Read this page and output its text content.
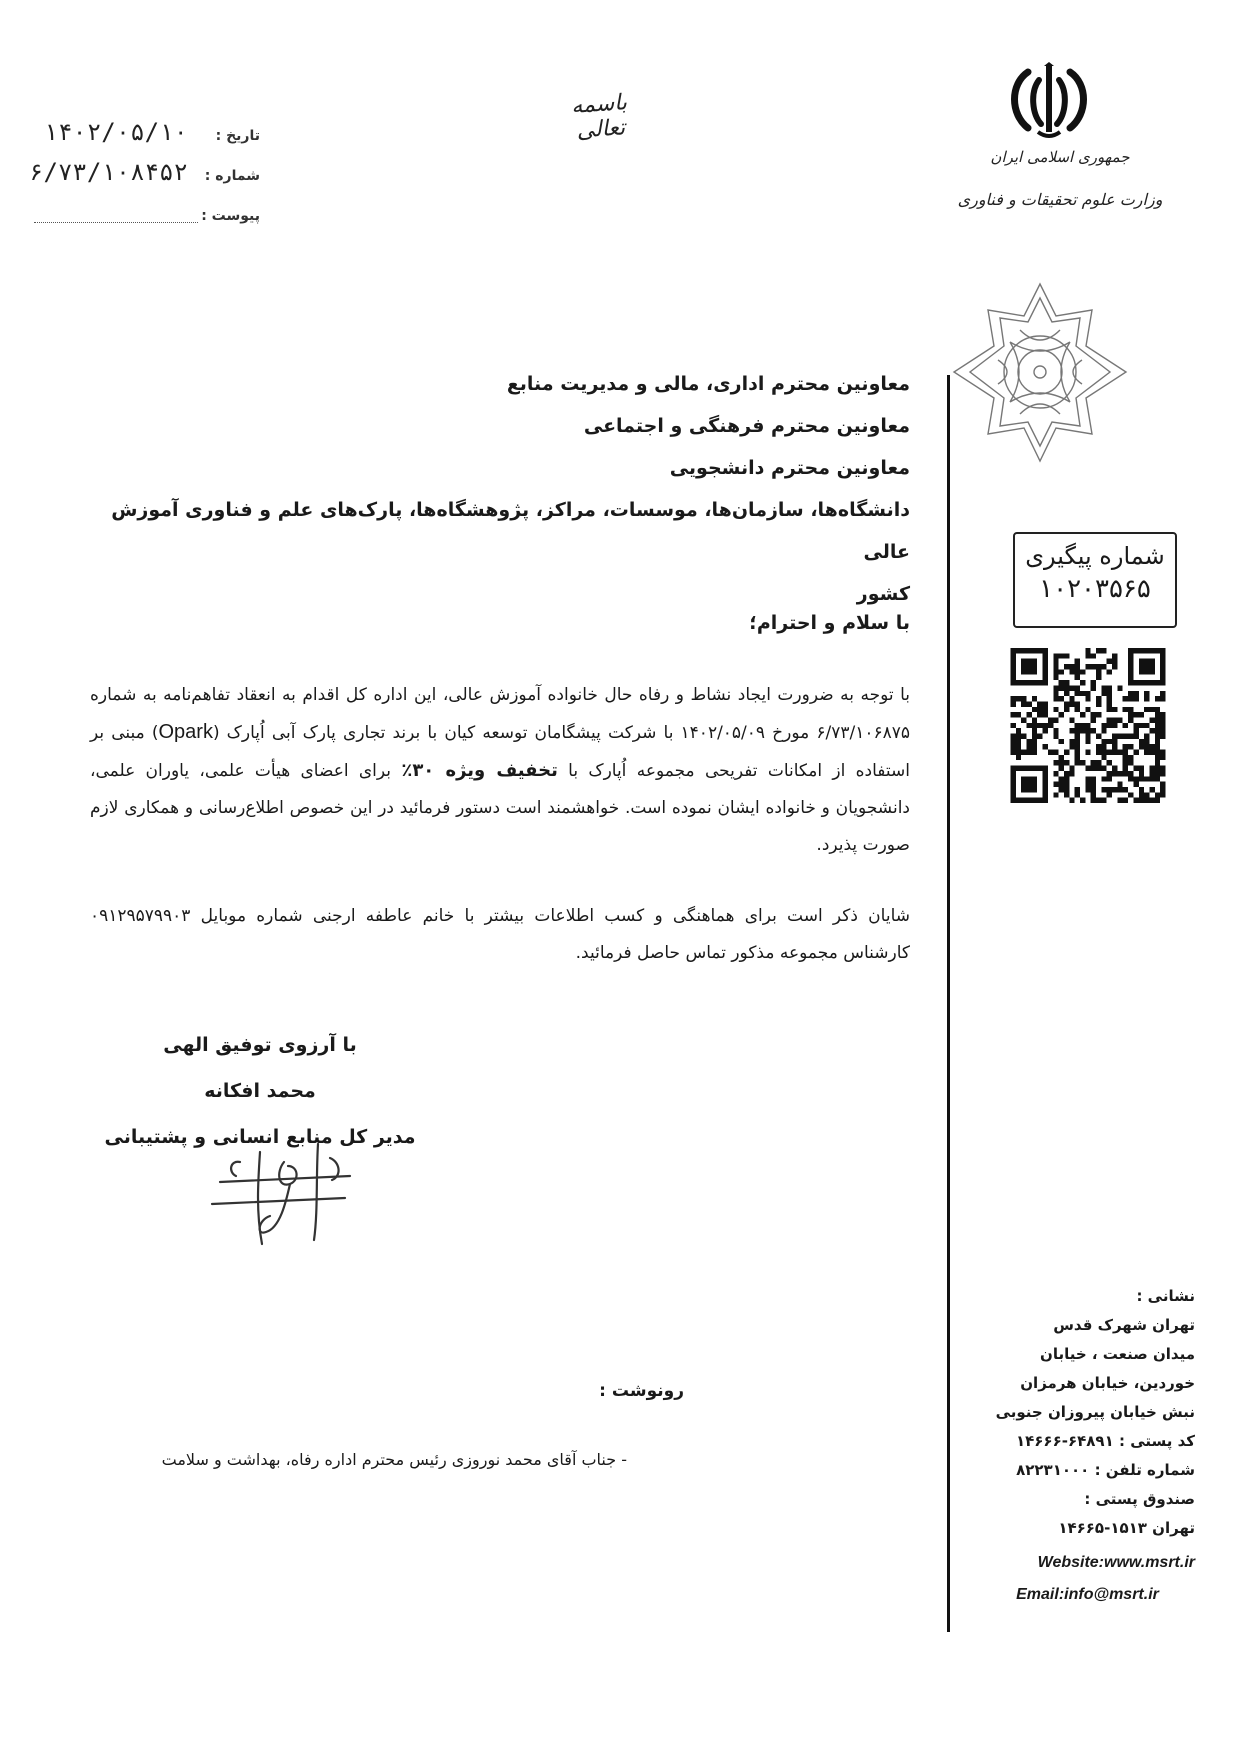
تاریخ :
۱۴۰۲/۰۵/۱۰
شماره :
۶/۷۳/۱۰۸۴۵۲
پیوست :
باسمه تعالی
جمهوری اسلامی ایران
وزارت علوم تحقیقات و فناوری
شماره پیگیری
۱۰۲۰۳۵۶۵
معاونین محترم اداری، مالی و مدیریت منابع
معاونین محترم فرهنگی و اجتماعی
معاونین محترم دانشجویی
دانشگاه‌ها، سازمان‌ها، موسسات، مراکز، پژوهشگاه‌ها، پارک‌های علم و فناوری آموزش عالی
کشور
با سلام و احترام؛
با توجه به ضرورت ایجاد نشاط و رفاه حال خانواده آموزش عالی، این اداره کل اقدام به انعقاد تفاهم‌نامه به شماره ۶/۷۳/۱۰۶۸۷۵ مورخ ۱۴۰۲/۰۵/۰۹ با شرکت پیشگامان توسعه کیان با برند تجاری پارک آبی اُپارک (Opark) مبنی بر استفاده از امکانات تفریحی مجموعه اُپارک با تخفیف ویژه ۳۰٪ برای اعضای هیأت علمی، یاوران علمی، دانشجویان و خانواده ایشان نموده است. خواهشمند است دستور فرمائید در این خصوص اطلاع‌رسانی و همکاری لازم صورت پذیرد.
شایان ذکر است برای هماهنگی و کسب اطلاعات بیشتر با خانم عاطفه ارجنی شماره موبایل ۰۹۱۲۹۵۷۹۹۰۳ کارشناس مجموعه مذکور تماس حاصل فرمائید.
با آرزوی توفیق الهی
محمد افکانه
مدیر کل منابع انسانی و پشتیبانی
رونوشت :
- جناب آقای محمد نوروزی رئیس محترم اداره رفاه، بهداشت و سلامت
نشانی :
تهران شهرک قدس
میدان صنعت ، خیابان
خوردین، خیابان هرمزان
نبش خیابان پیروزان جنوبی
کد پستی : ۶۴۸۹۱-۱۴۶۶۶
شماره تلفن : ۸۲۲۳۱۰۰۰
صندوق پستی :
تهران ۱۵۱۳-۱۴۶۶۵
Website:www.msrt.ir
Email:info@msrt.ir
